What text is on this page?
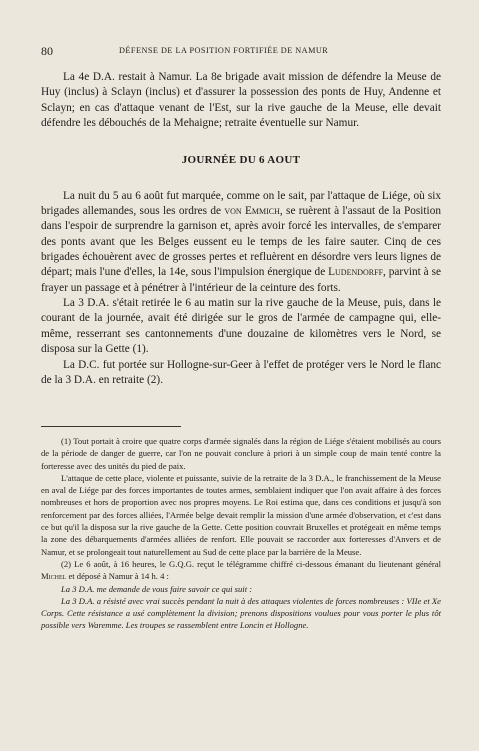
80	DÉFENSE DE LA POSITION FORTIFIÉE DE NAMUR

La 4e D.A. restait à Namur. La 8e brigade avait mission de défendre la Meuse de Huy (inclus) à Sclayn (inclus) et d'assurer la possession des ponts de Huy, Andenne et Sclayn; en cas d'attaque venant de l'Est, sur la rive gauche de la Meuse, elle devait défendre les débouchés de la Mehaigne; retraite éventuelle sur Namur.

JOURNÉE DU 6 AOUT

La nuit du 5 au 6 août fut marquée, comme on le sait, par l'attaque de Liége, où six brigades allemandes, sous les ordres de von Emmich, se ruèrent à l'assaut de la Position dans l'espoir de surprendre la garnison et, après avoir forcé les intervalles, de s'emparer des ponts avant que les Belges eussent eu le temps de les faire sauter. Cinq de ces brigades échouèrent avec de grosses pertes et refluèrent en désordre vers leurs lignes de départ; mais l'une d'elles, la 14e, sous l'impulsion énergique de Ludendorff, parvint à se frayer un passage et à pénétrer à l'intérieur de la ceinture des forts.

La 3 D.A. s'était retirée le 6 au matin sur la rive gauche de la Meuse, puis, dans le courant de la journée, avait été dirigée sur le gros de l'armée de campagne qui, elle-même, resserrant ses cantonnements d'une douzaine de kilomètres vers le Nord, se disposa sur la Gette (1).

La D.C. fut portée sur Hollogne-sur-Geer à l'effet de protéger vers le Nord le flanc de la 3 D.A. en retraite (2).

(1) Tout portait à croire que quatre corps d'armée signalés dans la région de Liége s'étaient mobilisés au cours de la période de danger de guerre, car l'on ne pouvait conclure à priori à un simple coup de main tenté contre la forteresse avec des unités du pied de paix.

L'attaque de cette place, violente et puissante, suivie de la retraite de la 3 D.A., le franchissement de la Meuse en aval de Liége par des forces importantes de toutes armes, semblaient indiquer que l'on avait affaire à des forces nombreuses et hors de proportion avec nos propres moyens. Le Roi estima que, dans ces conditions et jusqu'à son renforcement par des forces alliées, l'Armée belge devait remplir la mission d'une armée d'observation, et c'est dans ce but qu'il la disposa sur la rive gauche de la Gette. Cette position couvrait Bruxelles et protégeait en même temps la zone des débarquements d'armées alliées de renfort. Elle pouvait se raccorder aux forteresses d'Anvers et de Namur, et se prolongeait tout naturellement au Sud de cette place par la barrière de la Meuse.

(2) Le 6 août, à 16 heures, le G.Q.G. reçut le télégramme chiffré ci-dessous émanant du lieutenant général Michel et déposé à Namur à 14 h. 4 :

La 3 D.A. me demande de vous faire savoir ce qui suit :

La 3 D.A. a résisté avec vrai succès pendant la nuit à des attaques violentes de forces nombreuses : VIIe et Xe Corps. Cette résistance a usé complètement la division; prenons dispositions voulues pour vous porter le plus tôt possible vers Waremme. Les troupes se rassemblent entre Loncin et Hollogne.
